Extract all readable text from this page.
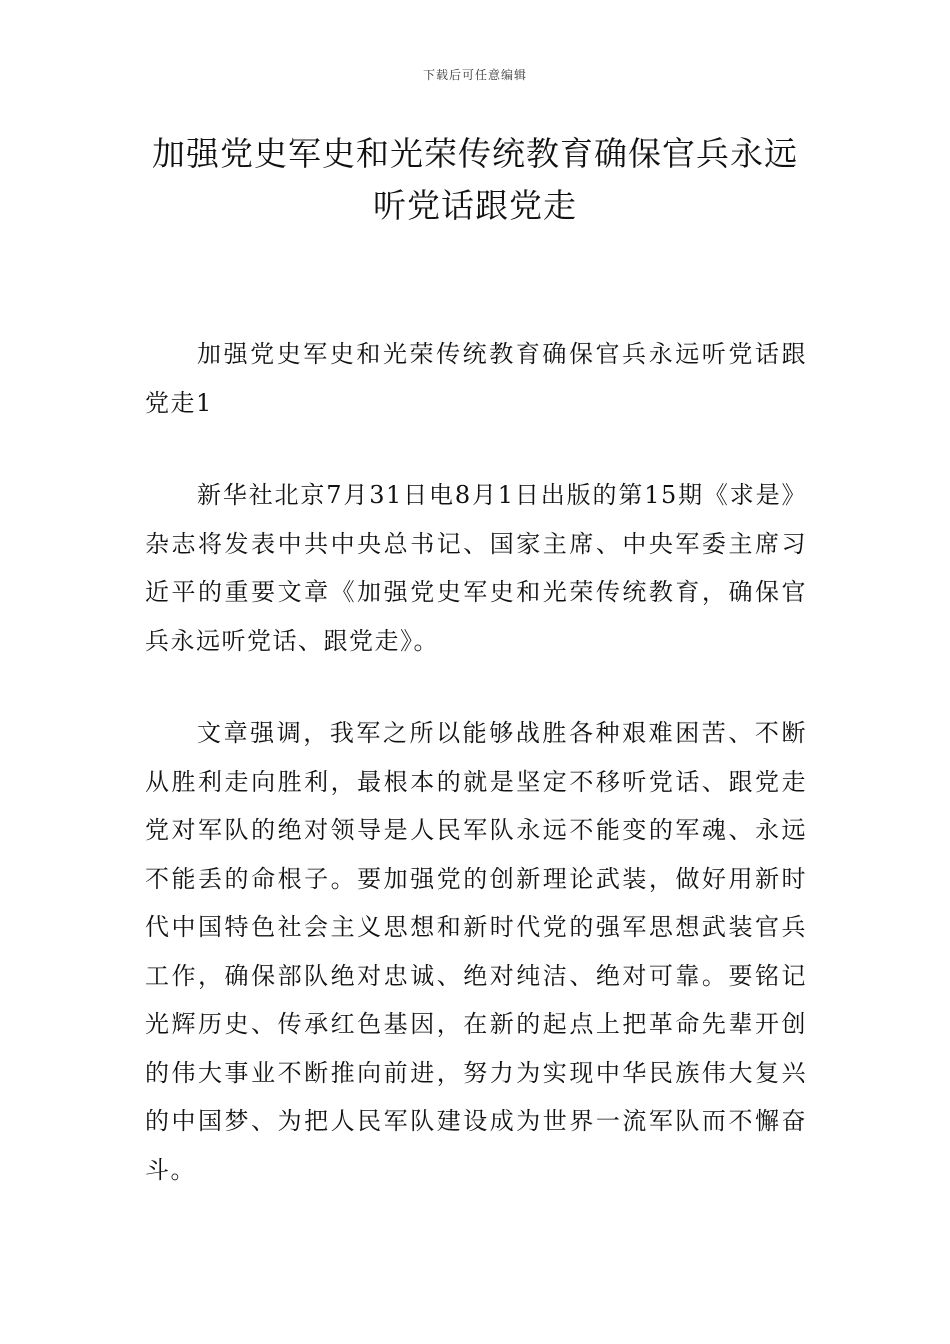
下载后可任意编辑
加强党史军史和光荣传统教育确保官兵永远听党话跟党走

加强党史军史和光荣传统教育确保官兵永远听党话跟党走1

新华社北京7月31日电8月1日出版的第15期《求是》杂志将发表中共中央总书记、国家主席、中央军委主席习近平的重要文章《加强党史军史和光荣传统教育，确保官兵永远听党话、跟党走》。

文章强调，我军之所以能够战胜各种艰难困苦、不断从胜利走向胜利，最根本的就是坚定不移听党话、跟党走党对军队的绝对领导是人民军队永远不能变的军魂、永远不能丢的命根子。要加强党的创新理论武装，做好用新时代中国特色社会主义思想和新时代党的强军思想武装官兵工作，确保部队绝对忠诚、绝对纯洁、绝对可靠。要铭记光辉历史、传承红色基因，在新的起点上把革命先辈开创的伟大事业不断推向前进，努力为实现中华民族伟大复兴的中国梦、为把人民军队建设成为世界一流军队而不懈奋斗。
